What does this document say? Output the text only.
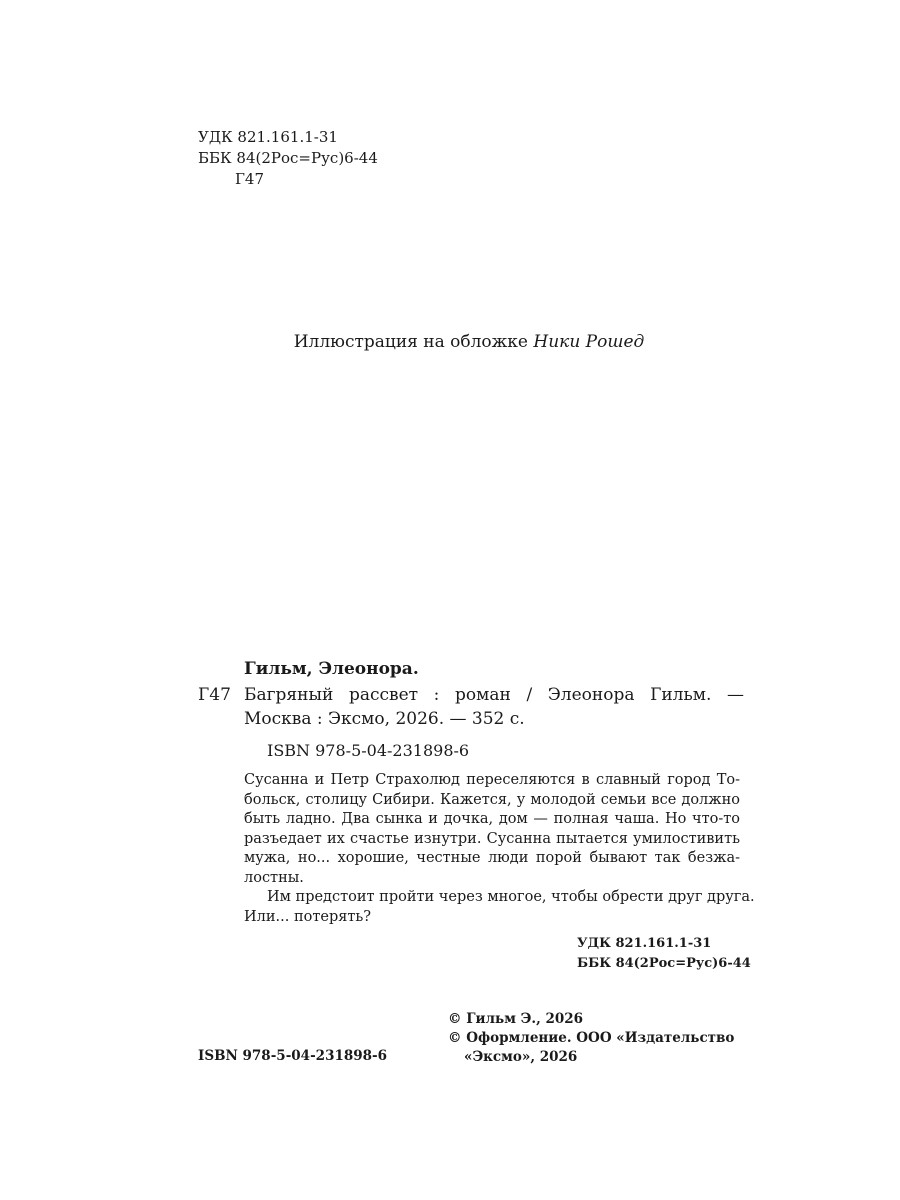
УДК 821.161.1-31
ББК 84(2Рос=Рус)6-44
Г47
Иллюстрация на обложке Ники Рошед
Гильм, Элеонора.
Г47 Багряный рассвет : роман / Элеонора Гильм. —
Москва : Эксмо, 2026. — 352 с.
ISBN 978-5-04-231898-6
Сусанна и Петр Страхолюд переселяются в славный город То-
больск, столицу Сибири. Кажется, у молодой семьи все должно
быть ладно. Два сынка и дочка, дом — полная чаша. Но что-то
разъедает их счастье изнутри. Сусанна пытается умилостивить
мужа, но... хорошие, честные люди порой бывают так безжа-
лостны.
Им предстоит пройти через многое, чтобы обрести друг друга.
Или... потерять?
УДК 821.161.1-31
ББК 84(2Рос=Рус)6-44
© Гильм Э., 2026
© Оформление. ООО «Издательство
«Эксмо», 2026
ISBN 978-5-04-231898-6
